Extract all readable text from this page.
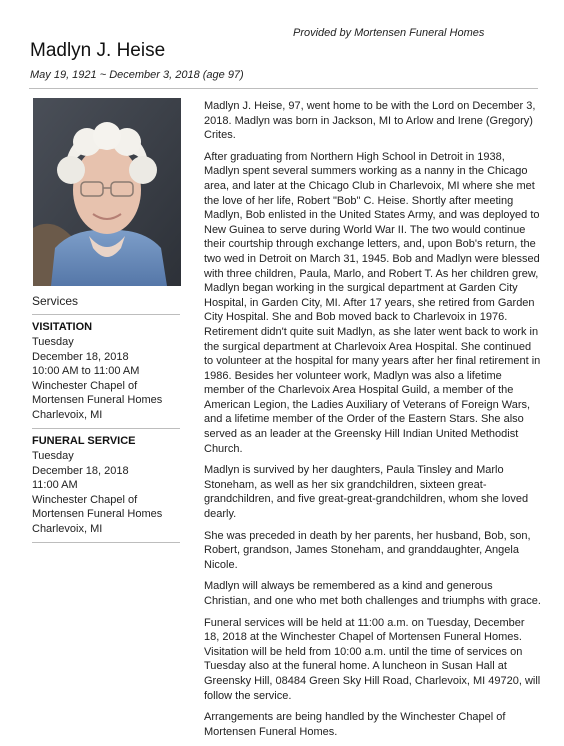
Provided by Mortensen Funeral Homes
Madlyn J. Heise
May 19, 1921 ~ December 3, 2018 (age 97)
Services
VISITATION
Tuesday
December 18, 2018
10:00 AM to 11:00 AM
Winchester Chapel of
Mortensen Funeral Homes
Charlevoix, MI
FUNERAL SERVICE
Tuesday
December 18, 2018
11:00 AM
Winchester Chapel of
Mortensen Funeral Homes
Charlevoix, MI

Madlyn J. Heise, 97, went home to be with the Lord on December 3, 2018. Madlyn was born in Jackson, MI to Arlow and Irene (Gregory) Crites.

After graduating from Northern High School in Detroit in 1938, Madlyn spent several summers working as a nanny in the Chicago area, and later at the Chicago Club in Charlevoix, MI where she met the love of her life, Robert "Bob" C. Heise. Shortly after meeting Madlyn, Bob enlisted in the United States Army, and was deployed to New Guinea to serve during World War II. The two would continue their courtship through exchange letters, and, upon Bob's return, the two wed in Detroit on March 31, 1945. Bob and Madlyn were blessed with three children, Paula, Marlo, and Robert T. As her children grew, Madlyn began working in the surgical department at Garden City Hospital, in Garden City, MI. After 17 years, she retired from Garden City Hospital. She and Bob moved back to Charlevoix in 1976. Retirement didn't quite suit Madlyn, as she later went back to work in the surgical department at Charlevoix Area Hospital. She continued to volunteer at the hospital for many years after her final retirement in 1986. Besides her volunteer work, Madlyn was also a lifetime member of the Charlevoix Area Hospital Guild, a member of the American Legion, the Ladies Auxiliary of Veterans of Foreign Wars, and a lifetime member of the Order of the Eastern Stars. She also served as an leader at the Greensky Hill Indian United Methodist Church.

Madlyn is survived by her daughters, Paula Tinsley and Marlo Stoneham, as well as her six grandchildren, sixteen great-grandchildren, and five great-great-grandchildren, whom she loved dearly.

She was preceded in death by her parents, her husband, Bob, son, Robert, grandson, James Stoneham, and granddaughter, Angela Nicole.

Madlyn will always be remembered as a kind and generous Christian, and one who met both challenges and triumphs with grace.

Funeral services will be held at 11:00 a.m. on Tuesday, December 18, 2018 at the Winchester Chapel of Mortensen Funeral Homes. Visitation will be held from 10:00 a.m. until the time of services on Tuesday also at the funeral home. A luncheon in Susan Hall at Greensky Hill, 08484 Green Sky Hill Road, Charlevoix, MI 49720, will follow the service.

Arrangements are being handled by the Winchester Chapel of Mortensen Funeral Homes.
